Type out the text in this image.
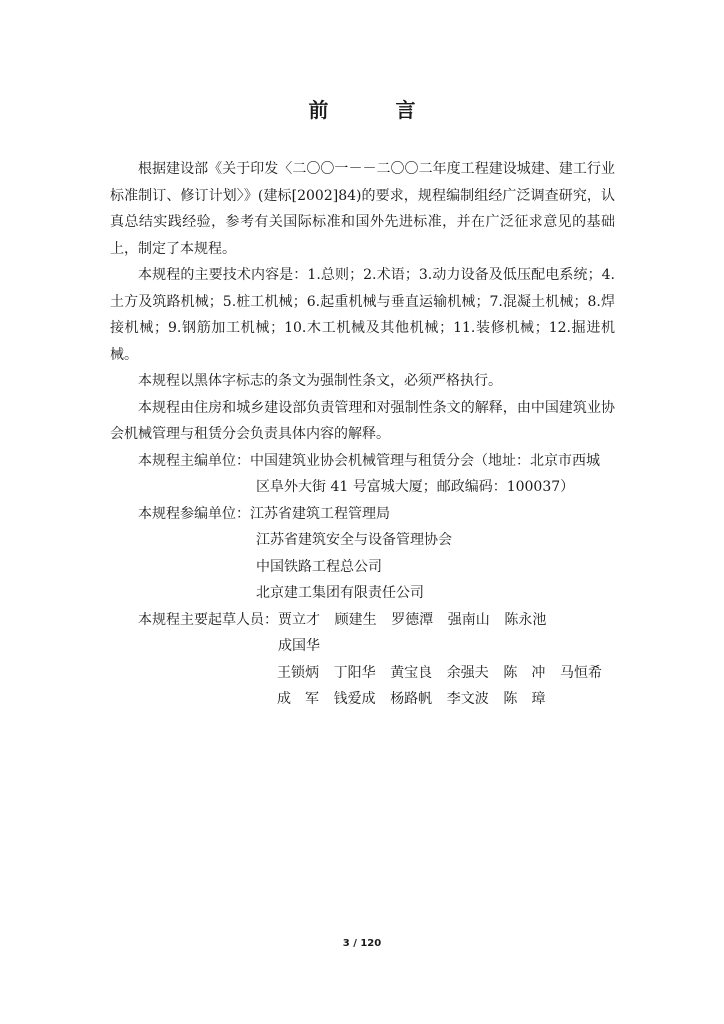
前 言

根据建设部《关于印发〈二〇〇一－－二〇〇二年度工程建设城建、建工行业标准制订、修订计划〉》(建标[2002]84)的要求，规程编制组经广泛调查研究，认真总结实践经验，参考有关国际标准和国外先进标准，并在广泛征求意见的基础上，制定了本规程。

本规程的主要技术内容是：1.总则；2.术语；3.动力设备及低压配电系统；4.土方及筑路机械；5.桩工机械；6.起重机械与垂直运输机械；7.混凝土机械；8.焊接机械；9.钢筋加工机械；10.木工机械及其他机械；11.装修机械；12.掘进机械。

本规程以黑体字标志的条文为强制性条文，必须严格执行。

本规程由住房和城乡建设部负责管理和对强制性条文的解释，由中国建筑业协会机械管理与租赁分会负责具体内容的解释。

本规程主编单位： 中国建筑业协会机械管理与租赁分会（地址：北京市西城

区阜外大街 41 号富城大厦；邮政编码：100037）

本规程参编单位： 江苏省建筑工程管理局

江苏省建筑安全与设备管理协会

中国铁路工程总公司

北京建工集团有限责任公司

本规程主要起草人员： 贾立才	顾建生	罗德潭	强南山	陈永池
成国华
王锁炳	丁阳华	黄宝良	余强夫	陈　冲	马恒希
成　军	钱爱成	杨路帆	李文波	陈　璋
3 / 120
